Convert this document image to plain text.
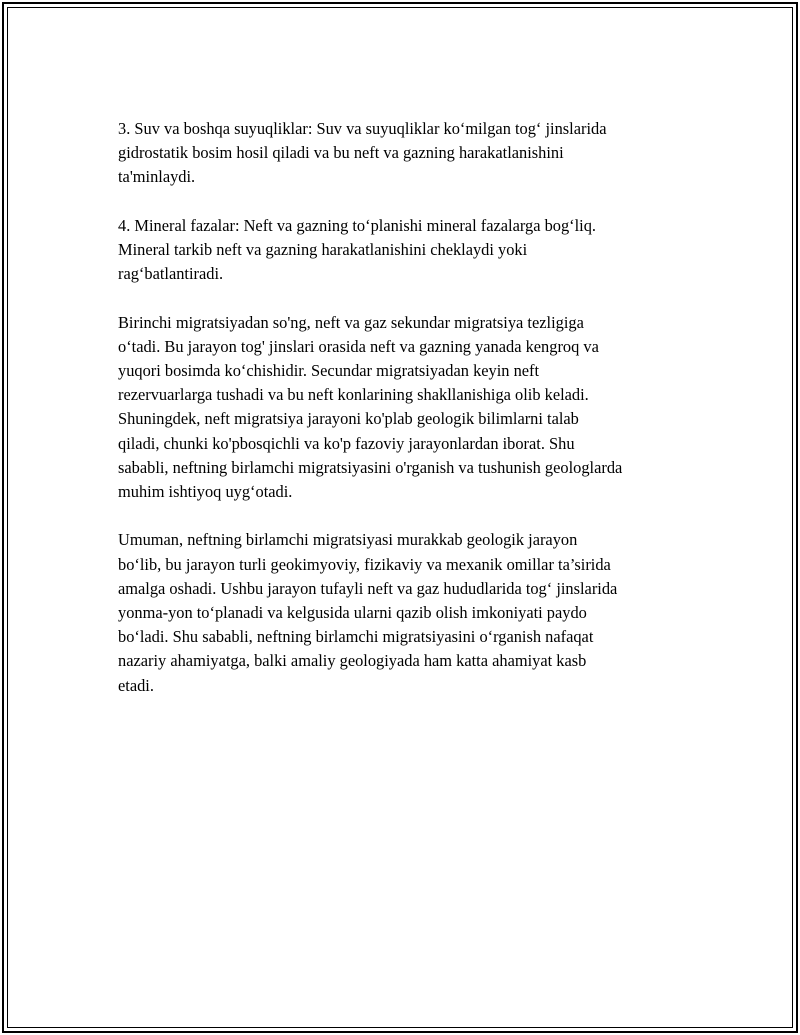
3. Suv va boshqa suyuqliklar: Suv va suyuqliklar ko‘milgan tog‘ jinslarida
gidrostatik bosim hosil qiladi va bu neft va gazning harakatlanishini
ta'minlaydi.

4. Mineral fazalar: Neft va gazning to‘planishi mineral fazalarga bog‘liq.
Mineral tarkib neft va gazning harakatlanishini cheklaydi yoki
rag‘batlantiradi.

Birinchi migratsiyadan so'ng, neft va gaz sekundar migratsiya tezligiga
o‘tadi. Bu jarayon tog' jinslari orasida neft va gazning yanada kengroq va
yuqori bosimda ko‘chishidir. Secundar migratsiyadan keyin neft
rezervuarlarga tushadi va bu neft konlarining shakllanishiga olib keladi.
Shuningdek, neft migratsiya jarayoni ko'plab geologik bilimlarni talab
qiladi, chunki ko'pbosqichli va ko'p fazoviy jarayonlardan iborat. Shu
sababli, neftning birlamchi migratsiyasini o'rganish va tushunish geologlarda
muhim ishtiyoq uyg‘otadi.

Umuman, neftning birlamchi migratsiyasi murakkab geologik jarayon
bo‘lib, bu jarayon turli geokimyoviy, fizikaviy va mexanik omillar ta’sirida
amalga oshadi. Ushbu jarayon tufayli neft va gaz hududlarida tog‘ jinslarida
yonma-yon to‘planadi va kelgusida ularni qazib olish imkoniyati paydo
bo‘ladi. Shu sababli, neftning birlamchi migratsiyasini o‘rganish nafaqat
nazariy ahamiyatga, balki amaliy geologiyada ham katta ahamiyat kasb
etadi.
